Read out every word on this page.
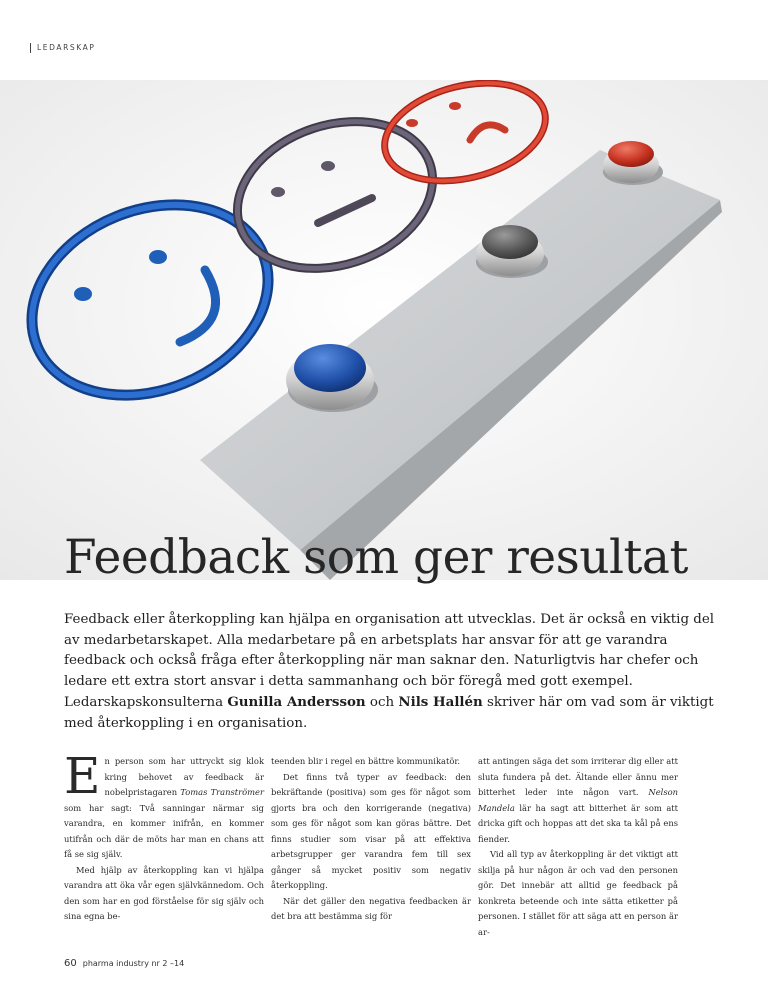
LEDARSKAP
Feedback som ger resultat

Feedback eller återkoppling kan hjälpa en organisation att utvecklas. Det är också en viktig del av medarbetarskapet. Alla medarbetare på en arbetsplats har ansvar för att ge varandra feedback och också fråga efter återkoppling när man saknar den. Naturligtvis har chefer och ledare ett extra stort ansvar i detta sammanhang och bör föregå med gott exempel. Ledarskapskonsulterna Gunilla Andersson och Nils Hallén skriver här om vad som är viktigt med återkoppling i en organisation.

En person som har uttryckt sig klok kring behovet av feedback är nobelpristagaren Tomas Tranströmer som har sagt: Två sanningar närmar sig varandra, en kommer inifrån, en kommer utifrån och där de möts har man en chans att få se sig själv.

Med hjälp av återkoppling kan vi hjälpa varandra att öka vår egen självkännedom. Och den som har en god förståelse för sig själv och sina egna be-

teenden blir i regel en bättre kommunikatör.

Det finns två typer av feedback: den bekräftande (positiva) som ges för något som gjorts bra och den korrigerande (negativa) som ges för något som kan göras bättre. Det finns studier som visar på att effektiva arbetsgrupper ger varandra fem till sex gånger så mycket positiv som negativ återkoppling.

När det gäller den negativa feedbacken är det bra att bestämma sig för

att antingen säga det som irriterar dig eller att sluta fundera på det. Ältande eller ännu mer bitterhet leder inte någon vart. Nelson Mandela lär ha sagt att bitterhet är som att dricka gift och hoppas att det ska ta kål på ens fiender.

Vid all typ av återkoppling är det viktigt att skilja på hur någon är och vad den personen gör. Det innebär att alltid ge feedback på konkreta beteende och inte sätta etiketter på personen. I stället för att säga att en person är ar-

60 pharma industry nr 2 –14
